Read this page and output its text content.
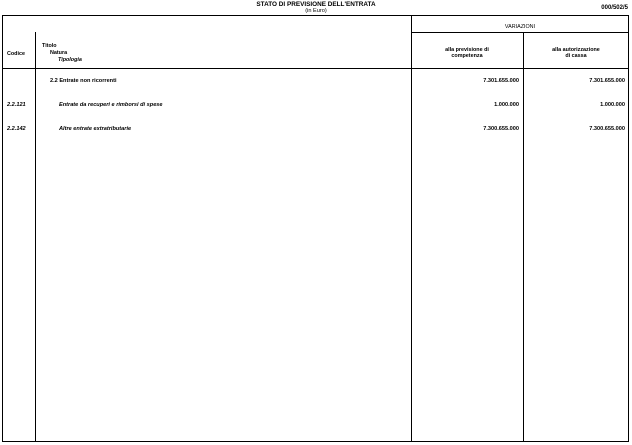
STATO DI PREVISIONE DELL'ENTRATA
(in Euro)	000/502/5
VARIAZIONI
Codice
Titolo
Natura
Tipologia
alla previsione di
competenza
alla autorizzazione
di cassa
2.2 Entrate non ricorrenti	7.301.655.000	7.301.655.000
2.2.121	Entrate da recuperi e rimborsi di spese	1.000.000	1.000.000
2.2.142	Altre entrate extratributarie	7.300.655.000	7.300.655.000
